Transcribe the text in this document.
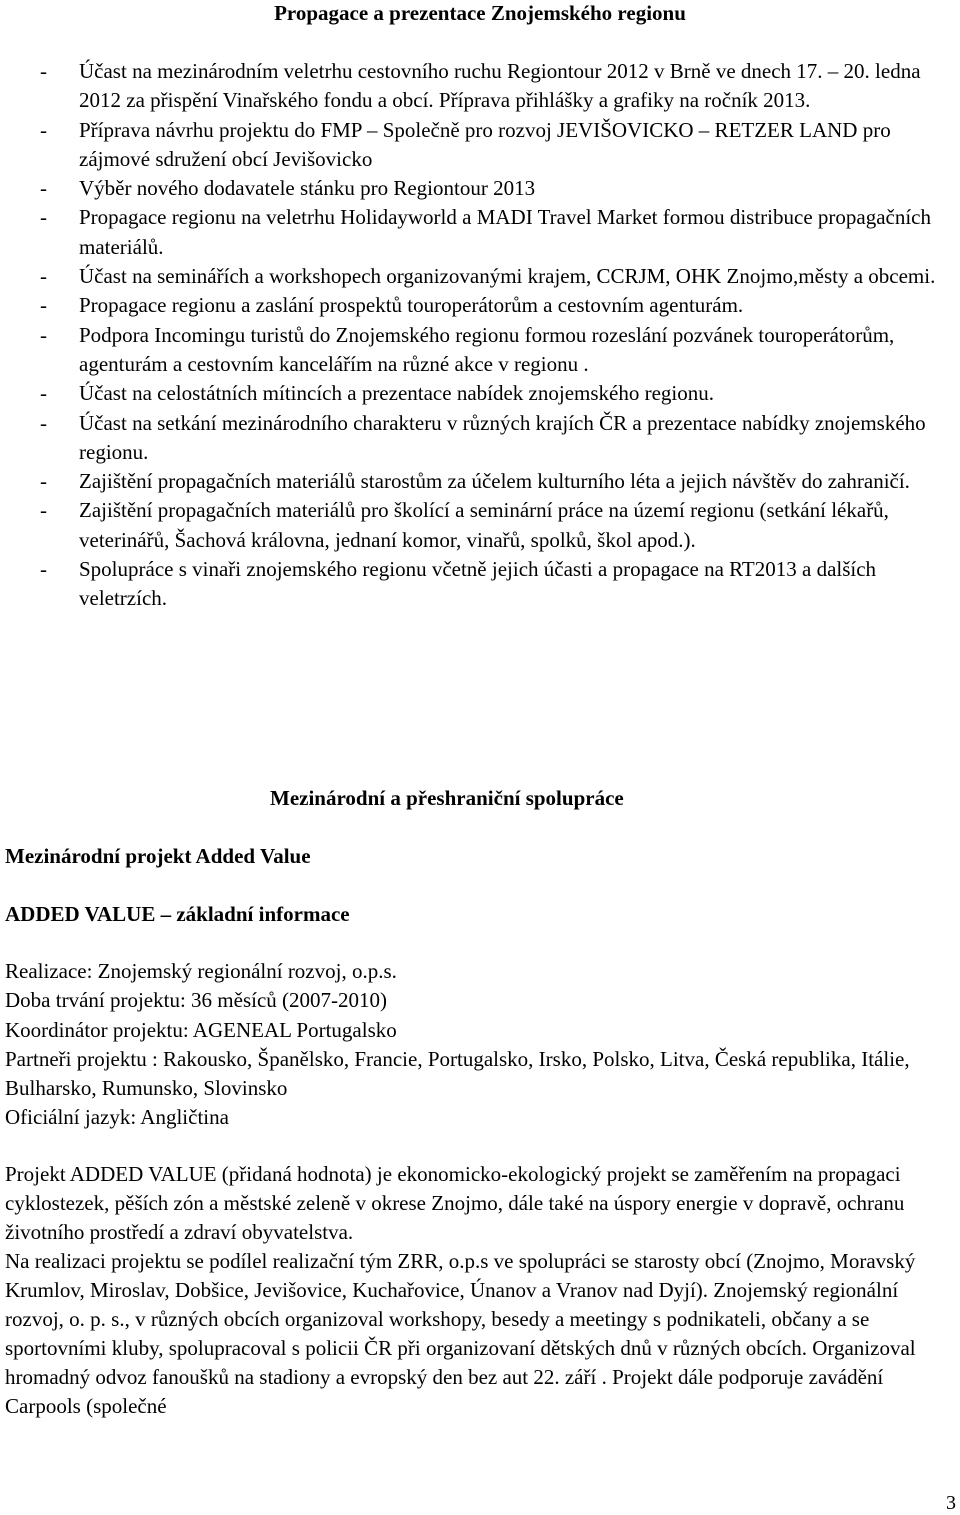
Propagace a prezentace Znojemského regionu
- Účast na mezinárodním veletrhu cestovního ruchu Regiontour 2012 v Brně ve dnech 17. – 20. ledna 2012 za přispění Vinařského fondu a obcí. Příprava přihlášky a grafiky na ročník 2013.
- Příprava návrhu projektu do FMP – Společně pro rozvoj JEVIŠOVICKO – RETZER LAND pro zájmové sdružení obcí Jevišovicko
- Výběr nového dodavatele stánku pro Regiontour 2013
- Propagace regionu na veletrhu Holidayworld a MADI Travel Market formou distribuce propagačních materiálů.
- Účast na seminářích a workshopech organizovanými krajem, CCRJM, OHK Znojmo,městy a obcemi.
- Propagace regionu a zaslání prospektů touroperátorům a cestovním agenturám.
- Podpora Incomingu turistů do Znojemského regionu formou rozeslání pozvánek touroperátorům, agenturám a cestovním kancelářím na různé akce v regionu .
- Účast na celostátních mítincích a prezentace nabídek znojemského regionu.
- Účast na setkání mezinárodního charakteru v různých krajích ČR a prezentace nabídky znojemského regionu.
- Zajištění propagačních materiálů starostům za účelem kulturního léta a jejich návštěv do zahraničí.
- Zajištění propagačních materiálů pro školící a seminární práce na území regionu (setkání lékařů, veterinářů, Šachová královna, jednaní komor, vinařů, spolků, škol apod.).
- Spolupráce s vinaři znojemského regionu včetně jejich účasti a propagace na RT2013 a dalších veletrzích.
Mezinárodní a přeshraniční spolupráce
Mezinárodní projekt Added Value
ADDED VALUE – základní informace

Realizace: Znojemský regionální rozvoj, o.p.s.

Doba trvání projektu: 36 měsíců (2007-2010)

Koordinátor projektu: AGENEAL Portugalsko

Partneři projektu : Rakousko, Španělsko, Francie, Portugalsko, Irsko, Polsko, Litva, Česká republika, Itálie, Bulharsko, Rumunsko, Slovinsko

Oficiální jazyk: Angličtina

Projekt ADDED VALUE (přidaná hodnota) je ekonomicko-ekologický projekt se zaměřením na propagaci cyklostezek, pěších zón a městské zeleně v okrese Znojmo, dále také na úspory energie v dopravě, ochranu životního prostředí a zdraví obyvatelstva.

Na realizaci projektu se podílel realizační tým ZRR, o.p.s ve spolupráci se starosty obcí (Znojmo, Moravský Krumlov, Miroslav, Dobšice, Jevišovice, Kuchařovice, Únanov a Vranov nad Dyjí). Znojemský regionální rozvoj, o. p. s., v různých obcích organizoval workshopy, besedy a meetingy s podnikateli, občany a se sportovními kluby, spolupracoval s policii ČR při organizovaní dětských dnů v různých obcích. Organizoval hromadný odvoz fanoušků na stadiony a evropský den bez aut 22. září . Projekt dále podporuje zavádění Carpools (společné

3
